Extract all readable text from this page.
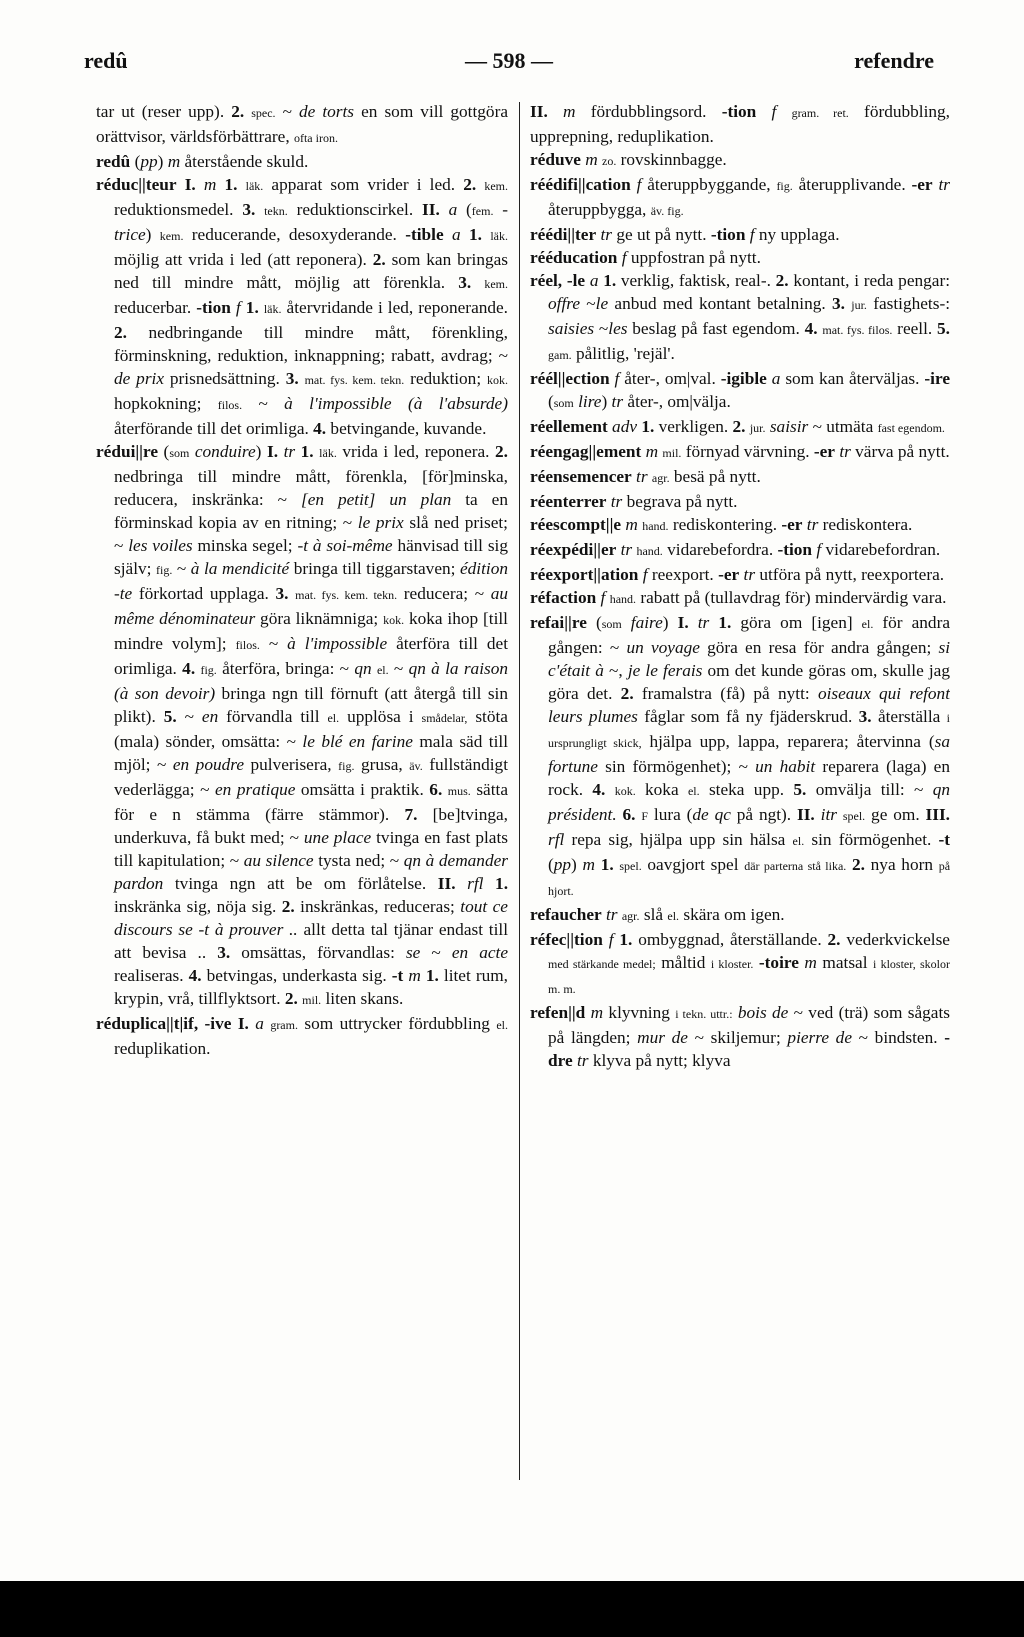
redû	— 598 —	refendre

tar ut (reser upp). 2. spec. ~ de torts en som vill gottgöra orättvisor, världsförbättrare, ofta iron.

redû (pp) m återstående skuld.

réduc||teur I. m 1. läk. apparat som vrider i led. 2. kem. reduktionsmedel. 3. tekn. reduktionscirkel. II. a (fem. -trice) kem. reducerande, desoxyderande. -tible a 1. läk. möjlig att vrida i led (att reponera). 2. som kan bringas ned till mindre mått, möjlig att förenkla. 3. kem. reducerbar. -tion f 1. läk. återvridande i led, reponerande. 2. nedbringande till mindre mått, förenkling, förminskning, reduktion, inknappning; rabatt, avdrag; ~ de prix prisnedsättning. 3. mat. fys. kem. tekn. reduktion; kok. hopkokning; filos. ~ à l'impossible (à l'absurde) återförande till det orimliga. 4. betvingande, kuvande.

rédui||re (som conduire) I. tr 1. läk. vrida i led, reponera. 2. nedbringa till mindre mått, förenkla, [för]minska, reducera, inskränka: ~ [en petit] un plan ta en förminskad kopia av en ritning; ~ le prix slå ned priset; ~ les voiles minska segel; -t à soi-même hänvisad till sig själv; fig. ~ à la mendicité bringa till tiggarstaven; édition -te förkortad upplaga. 3. mat. fys. kem. tekn. reducera; ~ au même dénominateur göra liknämniga; kok. koka ihop [till mindre volym]; filos. ~ à l'impossible återföra till det orimliga. 4. fig. återföra, bringa: ~ qn el. ~ qn à la raison (à son devoir) bringa ngn till förnuft (att återgå till sin plikt). 5. ~ en förvandla till el. upplösa i smådelar, stöta (mala) sönder, omsätta: ~ le blé en farine mala säd till mjöl; ~ en poudre pulverisera, fig. grusa, äv. fullständigt vederlägga; ~ en pratique omsätta i praktik. 6. mus. sätta för e n stämma (färre stämmor). 7. [be]tvinga, underkuva, få bukt med; ~ une place tvinga en fast plats till kapitulation; ~ au silence tysta ned; ~ qn à demander pardon tvinga ngn att be om förlåtelse. II. rfl 1. inskränka sig, nöja sig. 2. inskränkas, reduceras; tout ce discours se -t à prouver .. allt detta tal tjänar endast till att bevisa .. 3. omsättas, förvandlas: se ~ en acte realiseras. 4. betvingas, underkasta sig. -t m 1. litet rum, krypin, vrå, tillflyktsort. 2. mil. liten skans.

réduplica||t|if, -ive I. a gram. som uttrycker fördubbling el. reduplikation.

II. m fördubblingsord. -tion f gram. ret. fördubbling, upprepning, reduplikation.

réduve m zo. rovskinnbagge.

réédifi||cation f återuppbyggande, fig. återupplivande. -er tr återuppbygga, äv. fig.

réédi||ter tr ge ut på nytt. -tion f ny upplaga.

rééducation f uppfostran på nytt.

réel, -le a 1. verklig, faktisk, real-. 2. kontant, i reda pengar: offre ~le anbud med kontant betalning. 3. jur. fastighets-: saisies ~les beslag på fast egendom. 4. mat. fys. filos. reell. 5. gam. pålitlig, 'rejäl'.

réél||ection f åter-, om|val. -igible a som kan återväljas. -ire (som lire) tr åter-, om|välja.

réellement adv 1. verkligen. 2. jur. saisir ~ utmäta fast egendom.

réengag||ement m mil. förnyad värvning. -er tr värva på nytt.

réensemencer tr agr. besä på nytt.

réenterrer tr begrava på nytt.

réescompt||e m hand. rediskontering. -er tr rediskontera.

réexpédi||er tr hand. vidarebefordra. -tion f vidarebefordran.

réexport||ation f reexport. -er tr utföra på nytt, reexportera.

réfaction f hand. rabatt på (tullavdrag för) mindervärdig vara.

refai||re (som faire) I. tr 1. göra om [igen] el. för andra gången: ~ un voyage göra en resa för andra gången; si c'était à ~, je le ferais om det kunde göras om, skulle jag göra det. 2. framalstra (få) på nytt: oiseaux qui refont leurs plumes fåglar som få ny fjäderskrud. 3. återställa i ursprungligt skick, hjälpa upp, lappa, reparera; återvinna (sa fortune sin förmögenhet); ~ un habit reparera (laga) en rock. 4. kok. koka el. steka upp. 5. omvälja till: ~ qn président. 6. F lura (de qc på ngt). II. itr spel. ge om. III. rfl repa sig, hjälpa upp sin hälsa el. sin förmögenhet. -t (pp) m 1. spel. oavgjort spel där parterna stå lika. 2. nya horn på hjort.

refaucher tr agr. slå el. skära om igen.

réfec||tion f 1. ombyggnad, återställande. 2. vederkvickelse med stärkande medel; måltid i kloster. -toire m matsal i kloster, skolor m. m.

refen||d m klyvning i tekn. uttr.: bois de ~ ved (trä) som sågats på längden; mur de ~ skiljemur; pierre de ~ bindsten. -dre tr klyva på nytt; klyva
